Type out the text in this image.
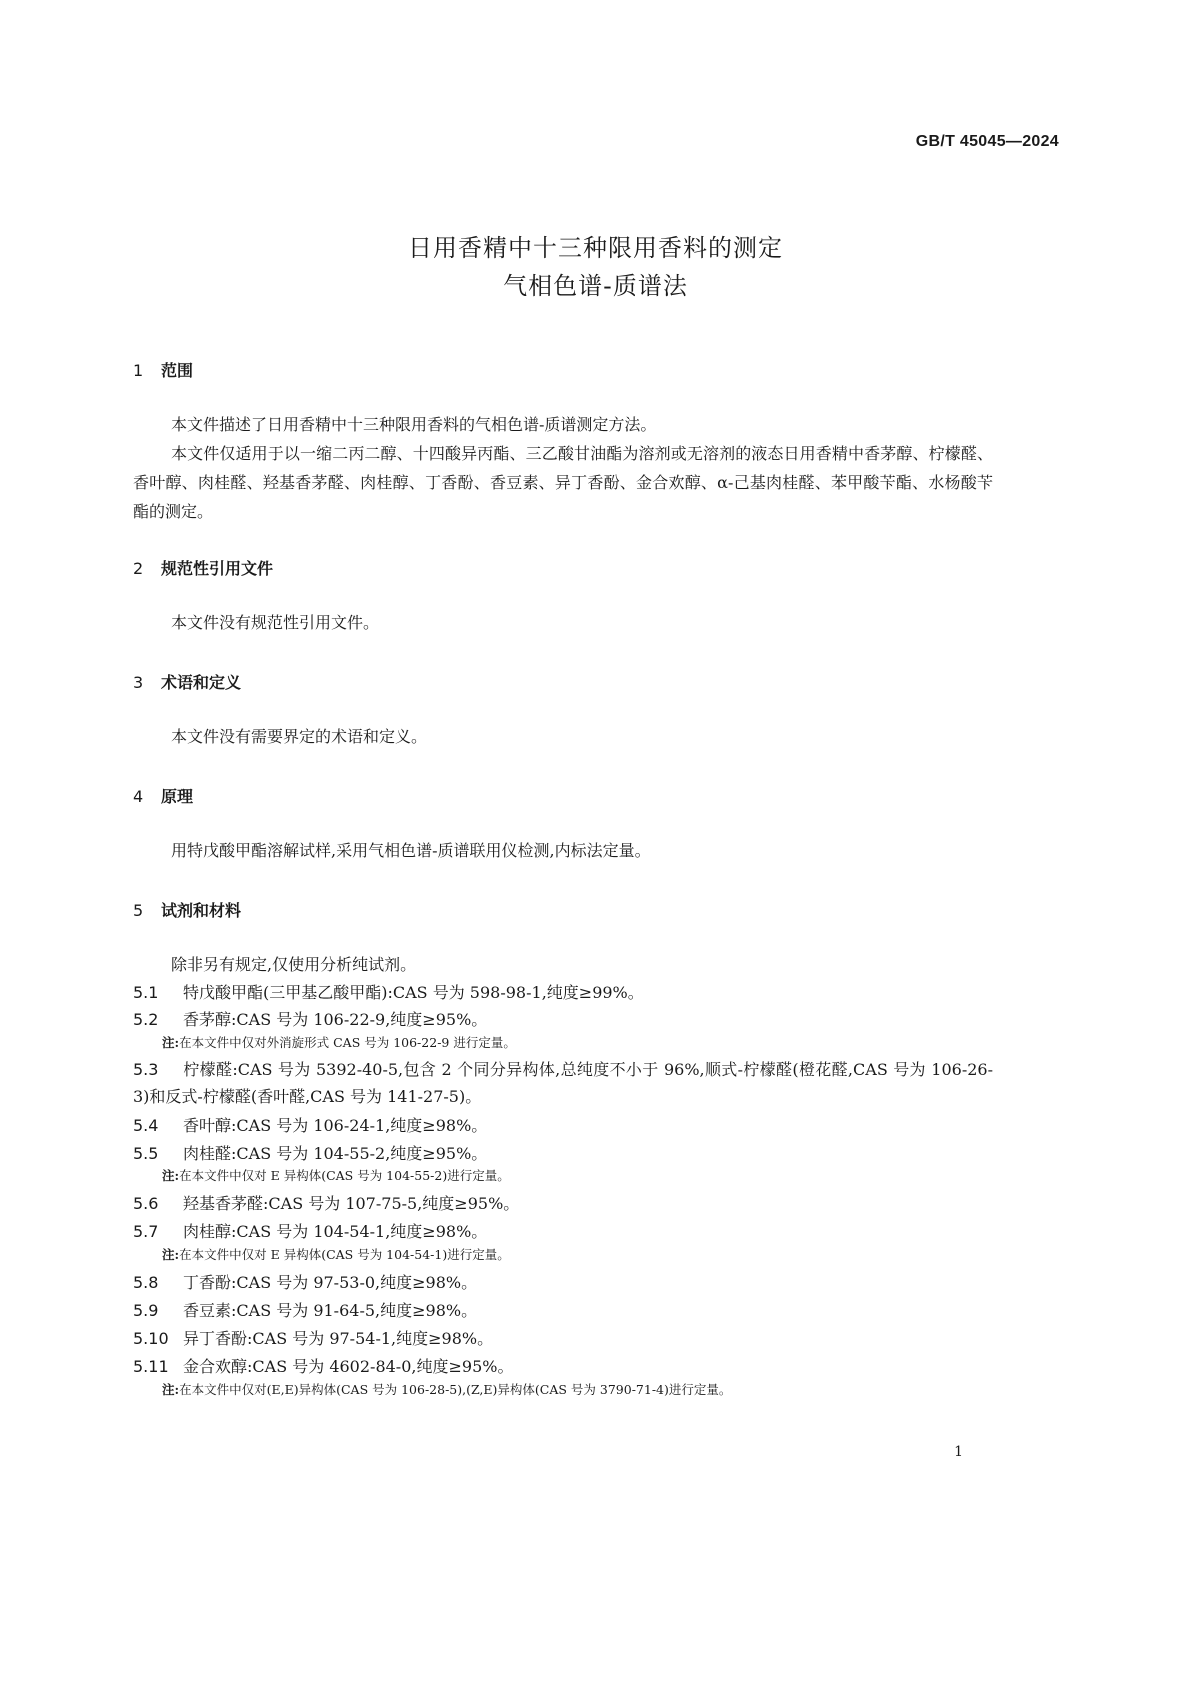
GB/T 45045—2024
日用香精中十三种限用香料的测定
气相色谱-质谱法
1 范围
本文件描述了日用香精中十三种限用香料的气相色谱-质谱测定方法。
本文件仅适用于以一缩二丙二醇、十四酸异丙酯、三乙酸甘油酯为溶剂或无溶剂的液态日用香精中香茅醇、柠檬醛、香叶醇、肉桂醛、羟基香茅醛、肉桂醇、丁香酚、香豆素、异丁香酚、金合欢醇、α-己基肉桂醛、苯甲酸苄酯、水杨酸苄酯的测定。
2 规范性引用文件
本文件没有规范性引用文件。
3 术语和定义
本文件没有需要界定的术语和定义。
4 原理
用特戊酸甲酯溶解试样,采用气相色谱-质谱联用仪检测,内标法定量。
5 试剂和材料
除非另有规定,仅使用分析纯试剂。
5.1 特戊酸甲酯(三甲基乙酸甲酯):CAS 号为 598-98-1,纯度≥99%。
5.2 香茅醇:CAS 号为 106-22-9,纯度≥95%。
注:在本文件中仅对外消旋形式 CAS 号为 106-22-9 进行定量。
5.3 柠檬醛:CAS 号为 5392-40-5,包含 2 个同分异构体,总纯度不小于 96%,顺式-柠檬醛(橙花醛,CAS 号为 106-26-3)和反式-柠檬醛(香叶醛,CAS 号为 141-27-5)。
5.4 香叶醇:CAS 号为 106-24-1,纯度≥98%。
5.5 肉桂醛:CAS 号为 104-55-2,纯度≥95%。
注:在本文件中仅对 E 异构体(CAS 号为 104-55-2)进行定量。
5.6 羟基香茅醛:CAS 号为 107-75-5,纯度≥95%。
5.7 肉桂醇:CAS 号为 104-54-1,纯度≥98%。
注:在本文件中仅对 E 异构体(CAS 号为 104-54-1)进行定量。
5.8 丁香酚:CAS 号为 97-53-0,纯度≥98%。
5.9 香豆素:CAS 号为 91-64-5,纯度≥98%。
5.10 异丁香酚:CAS 号为 97-54-1,纯度≥98%。
5.11 金合欢醇:CAS 号为 4602-84-0,纯度≥95%。
注:在本文件中仅对(E,E)异构体(CAS 号为 106-28-5),(Z,E)异构体(CAS 号为 3790-71-4)进行定量。
1
